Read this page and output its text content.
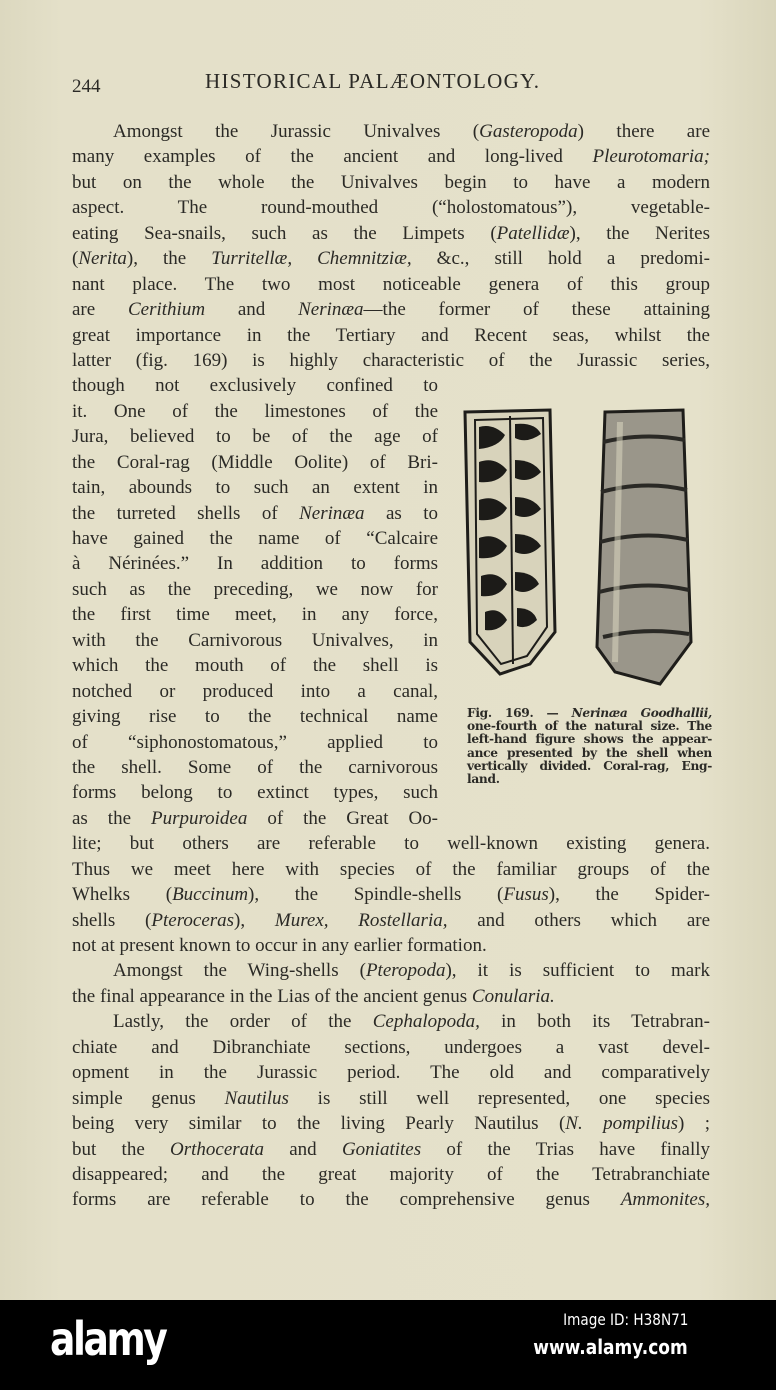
244	HISTORICAL PALÆONTOLOGY.
Amongst the Jurassic Univalves (Gasteropoda) there are
many examples of the ancient and long-lived Pleurotomaria;
but on the whole the Univalves begin to have a modern
aspect. The round-mouthed (“holostomatous”), vegetable-
eating Sea-snails, such as the Limpets (Patellidæ), the Nerites
(Nerita), the Turritellæ, Chemnitziæ, &c., still hold a predomi-
nant place. The two most noticeable genera of this group
are Cerithium and Nerinæa—the former of these attaining
great importance in the Tertiary and Recent seas, whilst the
latter (fig. 169) is highly characteristic of the Jurassic series,
though not exclusively confined to
it. One of the limestones of the
Jura, believed to be of the age of
the Coral-rag (Middle Oolite) of Bri-
tain, abounds to such an extent in
the turreted shells of Nerinæa as to
have gained the name of “Calcaire
à Nérinées.” In addition to forms
such as the preceding, we now for
the first time meet, in any force,
with the Carnivorous Univalves, in
which the mouth of the shell is
notched or produced into a canal,
giving rise to the technical name
of “siphonostomatous,” applied to
the shell. Some of the carnivorous
forms belong to extinct types, such
as the Purpuroidea of the Great Oo-
lite; but others are referable to well-known existing genera.
Thus we meet here with species of the familiar groups of the
Whelks (Buccinum), the Spindle-shells (Fusus), the Spider-
shells (Pteroceras), Murex, Rostellaria, and others which are
not at present known to occur in any earlier formation.
Amongst the Wing-shells (Pteropoda), it is sufficient to mark
the final appearance in the Lias of the ancient genus Conularia.
Lastly, the order of the Cephalopoda, in both its Tetrabran-
chiate and Dibranchiate sections, undergoes a vast devel-
opment in the Jurassic period. The old and comparatively
simple genus Nautilus is still well represented, one species
being very similar to the living Pearly Nautilus (N. pompilius) ;
but the Orthocerata and Goniatites of the Trias have finally
disappeared; and the great majority of the Tetrabranchiate
forms are referable to the comprehensive genus Ammonites,
Fig. 169. — Nerinæa Goodhallii,
one-fourth of the natural size. The
left-hand figure shows the appear-
ance presented by the shell when
vertically divided. Coral-rag, Eng-
land.
alamy	Image ID: H38N71
www.alamy.com
